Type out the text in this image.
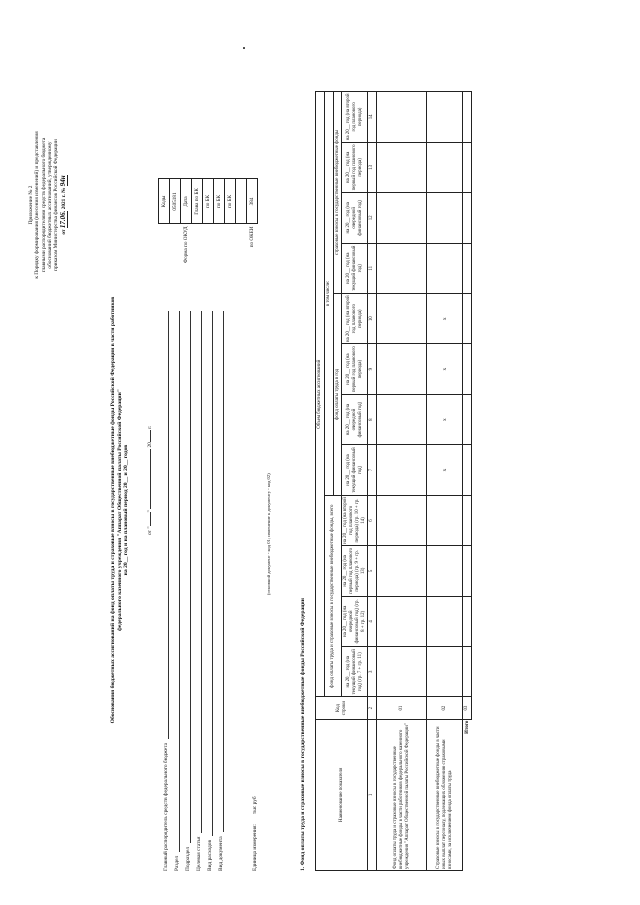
Приложение № 2 к Порядку формирования (внесения изменений) и представления главными распорядителями средств федерального бюджета обоснований бюджетных ассигнований, утвержденному приказом Министерства финансов Российской Федерации от 17.06. 2021 г. № 94н
Обоснования бюджетных ассигнований на фонд оплаты труда и страховые взносы в государственные внебюджетные фонды Российской Федерации в части работников федерального казенного учреждения "Аппарат Общественной палаты Российской Федерации" на 20__ год и на плановый период 20__ и 20__ годов	от ""  20 г.
Главный распорядитель средств федерального бюджета Раздел Подраздел Целевая статья Вид расходов Вид документа	Единица измерения:
тыс руб
(основной документ - код 01; изменение к документу - код 02)
	Коды
	0505181
Форма по ОКУД	Дата
	Глава по БК
	по БК
	по БК
	по БК

по ОКЕИ	384
1. Фонд оплаты труда и страховые взносы в государственные внебюджетные фонды Российской Федерации	Наименование показателя	Код строки	Объем бюджетных ассигнований											
		фонд оплаты труда и страховые взносы в государственные внебюджетные фонды, всего				в том числе:							
						фонд оплаты труда в год				страховые взносы в государственные внебюджетные фонды			
		на 20__ год (на текущий финансовый год) (гр. 7 + гр. 11)	на 20__ год (на очередной финансовый год) (гр. 8 + гр. 12)	на 20__ год (на первый год планового периода) (гр. 9 + гр. 13)	на 20__ год (на второй год планового периода) (гр. 10 + гр. 14)	на 20__ год (на текущий финансовый год)	на 20__ год (на очередной финансовый год)	на 20__ год (на первый год планового периода)	на 20__ год (на второй год планового периода)	на 20__ год (на текущий финансовый год)	на 20__ год (на очередной финансовый год)	на 20__ год (на первый год планового периода)	на 20__ год (на второй год планового периода)
1	2	3	4	5	6	7	8	9	10	11	12	13	14
Фонд оплаты труда и страховые взносы в государственные внебюджетные фонды в части работников федерального казенного учреждения "Аппарат Общественной палаты Российской Федерации"	01												
Страховые взносы в государственные внебюджетные фонды в части иных выплат персоналу, подлежащих обложению страховыми взносами, за исключением фонда оплаты труда	02					x	x	x	x				
Итого	03												
